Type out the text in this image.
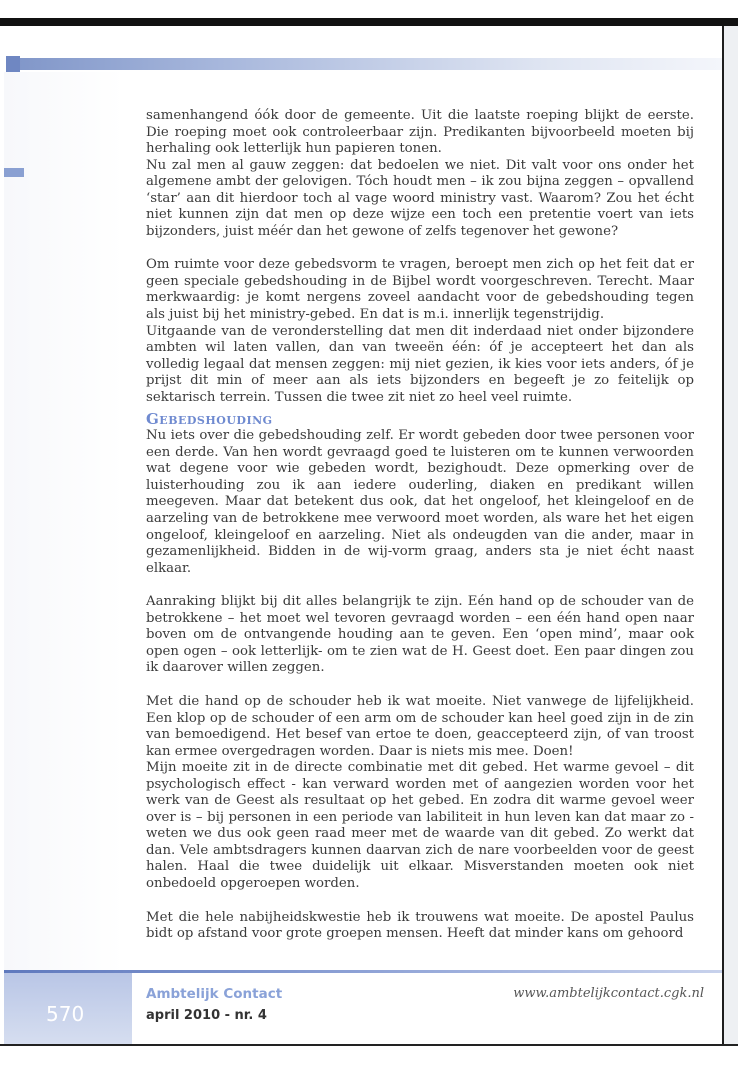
samenhangend óók door de gemeente. Uit die laatste roeping blijkt de eerste. Die roeping moet ook controleerbaar zijn. Predikanten bijvoorbeeld moeten bij herhaling ook letterlijk hun papieren tonen.

Nu zal men al gauw zeggen: dat bedoelen we niet. Dit valt voor ons onder het algemene ambt der gelovigen. Tóch houdt men – ik zou bijna zeggen – opvallend ‘star’ aan dit hierdoor toch al vage woord ministry vast. Waarom? Zou het écht niet kunnen zijn dat men op deze wijze een toch een pretentie voert van iets bijzonders, juist méér dan het gewone of zelfs tegenover het gewone?

Om ruimte voor deze gebedsvorm te vragen, beroept men zich op het feit dat er geen speciale gebedshouding in de Bijbel wordt voorgeschreven. Terecht. Maar merkwaardig: je komt nergens zoveel aandacht voor de gebedshouding tegen als juist bij het ministry-gebed. En dat is m.i. innerlijk tegenstrijdig.

Uitgaande van de veronderstelling dat men dit inderdaad niet onder bijzondere ambten wil laten vallen, dan van tweeën één: óf je accepteert het dan als volledig legaal dat mensen zeggen: mij niet gezien, ik kies voor iets anders, óf je prijst dit min of meer aan als iets bijzonders en begeeft je zo feitelijk op sektarisch terrein. Tussen die twee zit niet zo heel veel ruimte.

Gebedshouding

Nu iets over die gebedshouding zelf. Er wordt gebeden door twee personen voor een derde. Van hen wordt gevraagd goed te luisteren om te kunnen verwoorden wat degene voor wie gebeden wordt, bezighoudt. Deze opmerking over de luisterhouding zou ik aan iedere ouderling, diaken en predikant willen meegeven. Maar dat betekent dus ook, dat het ongeloof, het kleingeloof en de aarzeling van de betrokkene mee verwoord moet worden, als ware het het eigen ongeloof, kleingeloof en aarzeling. Niet als ondeugden van die ander, maar in gezamenlijkheid. Bidden in de wij-vorm graag, anders sta je niet écht naast elkaar.

Aanraking blijkt bij dit alles belangrijk te zijn. Eén hand op de schouder van de betrokkene – het moet wel tevoren gevraagd worden – een één hand open naar boven om de ontvangende houding aan te geven. Een ‘open mind’, maar ook open ogen – ook letterlijk- om te zien wat de H. Geest doet. Een paar dingen zou ik daarover willen zeggen.

Met die hand op de schouder heb ik wat moeite. Niet vanwege de lijfelijkheid. Een klop op de schouder of een arm om de schouder kan heel goed zijn in de zin van bemoedigend. Het besef van ertoe te doen, geaccepteerd zijn, of van troost kan ermee overgedragen worden. Daar is niets mis mee. Doen!

Mijn moeite zit in de directe combinatie met dit gebed. Het warme gevoel – dit psychologisch effect - kan verward worden met of aangezien worden voor het werk van de Geest als resultaat op het gebed. En zodra dit warme gevoel weer over is – bij personen in een periode van labiliteit in hun leven kan dat maar zo - weten we dus ook geen raad meer met de waarde van dit gebed. Zo werkt dat dan. Vele ambtsdragers kunnen daarvan zich de nare voorbeelden voor de geest halen. Haal die twee duidelijk uit elkaar. Misverstanden moeten ook niet onbedoeld opgeroepen worden.

Met die hele nabijheidskwestie heb ik trouwens wat moeite. De apostel Paulus bidt op afstand voor grote groepen mensen. Heeft dat minder kans om gehoord

570
Ambtelijk Contact
april 2010 - nr. 4
www.ambtelijkcontact.cgk.nl
